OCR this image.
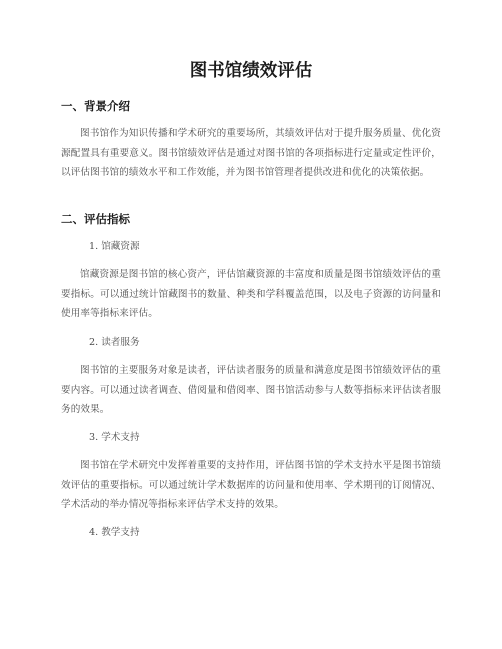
图书馆绩效评估
一、背景介绍

图书馆作为知识传播和学术研究的重要场所，其绩效评估对于提升服务质量、优化资源配置具有重要意义。图书馆绩效评估是通过对图书馆的各项指标进行定量或定性评价，以评估图书馆的绩效水平和工作效能，并为图书馆管理者提供改进和优化的决策依据。

二、评估指标
1. 馆藏资源

馆藏资源是图书馆的核心资产，评估馆藏资源的丰富度和质量是图书馆绩效评估的重要指标。可以通过统计馆藏图书的数量、种类和学科覆盖范围，以及电子资源的访问量和使用率等指标来评估。

2. 读者服务

图书馆的主要服务对象是读者，评估读者服务的质量和满意度是图书馆绩效评估的重要内容。可以通过读者调查、借阅量和借阅率、图书馆活动参与人数等指标来评估读者服务的效果。

3. 学术支持

图书馆在学术研究中发挥着重要的支持作用，评估图书馆的学术支持水平是图书馆绩效评估的重要指标。可以通过统计学术数据库的访问量和使用率、学术期刊的订阅情况、学术活动的举办情况等指标来评估学术支持的效果。

4. 教学支持
